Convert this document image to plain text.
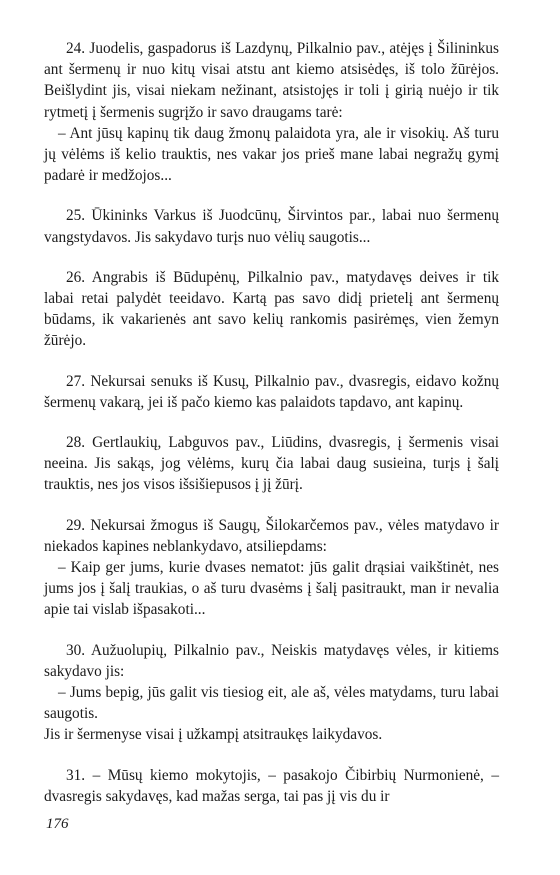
24. Juodelis, gaspadorus iš Lazdynų, Pilkalnio pav., atėjęs į Šilininkus ant šermenų ir nuo kitų visai atstu ant kiemo atsisėdęs, iš tolo žūrėjos. Beišlydint jis, visai niekam nežinant, atsistojęs ir toli į girią nuėjo ir tik rytmetį į šermenis sugrįžo ir savo draugams tarė:

– Ant jūsų kapinų tik daug žmonų palaidota yra, ale ir visokių. Aš turu jų vėlėms iš kelio trauktis, nes vakar jos prieš mane labai negražų gymį padarė ir medžojos...

25. Ūkininks Varkus iš Juodcūnų, Širvintos par., labai nuo šermenų vangstydavos. Jis sakydavo turįs nuo vėlių saugotis...

26. Angrabis iš Būdupėnų, Pilkalnio pav., matydavęs deives ir tik labai retai palydėt teeidavo. Kartą pas savo didį prietelį ant šermenų būdams, ik vakarienės ant savo kelių rankomis pasirėmęs, vien žemyn žūrėjo.

27. Nekursai senuks iš Kusų, Pilkalnio pav., dvasregis, eidavo kožnų šermenų vakarą, jei iš pačo kiemo kas palaidots tapdavo, ant kapinų.

28. Gertlaukių, Labguvos pav., Liūdins, dvasregis, į šermenis visai neeina. Jis sakąs, jog vėlėms, kurų čia labai daug susieina, turįs į šalį trauktis, nes jos visos išsišiepusos į jį žūrį.

29. Nekursai žmogus iš Saugų, Šilokarčemos pav., vėles matydavo ir niekados kapines neblankydavo, atsiliepdams:

– Kaip ger jums, kurie dvases nematot: jūs galit drąsiai vaikštinėt, nes jums jos į šalį traukias, o aš turu dvasėms į šalį pasitraukt, man ir nevalia apie tai vislab išpasakoti...

30. Aužuolupių, Pilkalnio pav., Neiskis matydavęs vėles, ir kitiems sakydavo jis:

– Jums bepig, jūs galit vis tiesiog eit, ale aš, vėles matydams, turu labai saugotis.

Jis ir šermenyse visai į užkampį atsitraukęs laikydavos.

31. – Mūsų kiemo mokytojis, – pasakojo Čibirbių Nurmonienė, – dvasregis sakydavęs, kad mažas serga, tai pas jį vis du ir

176
